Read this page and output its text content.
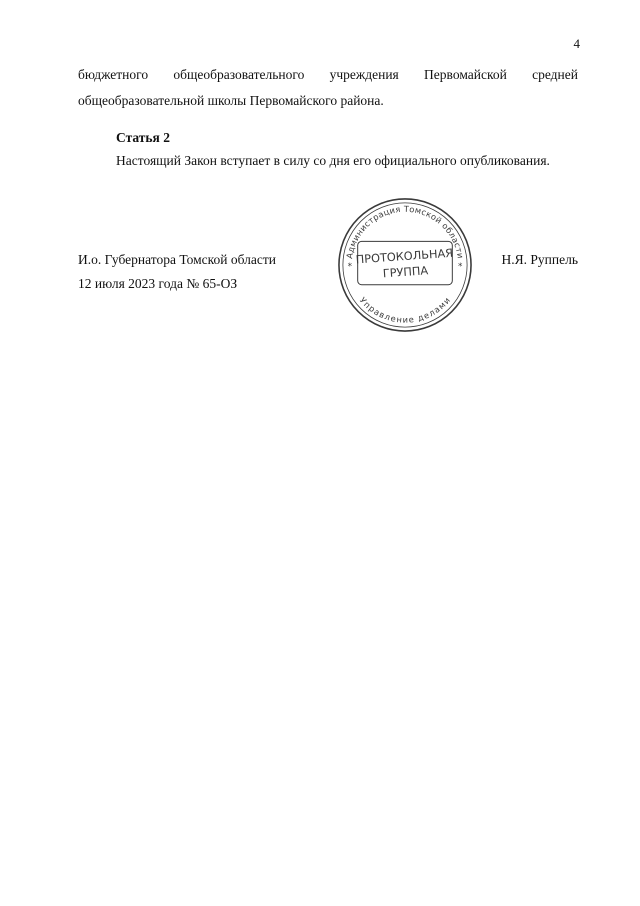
4
бюджетного общеобразовательного учреждения Первомайской средней
общеобразовательной школы Первомайского района.
Статья 2
Настоящий Закон вступает в силу со дня его официального опубликования.
И.о. Губернатора Томской области	Н.Я. Руппель
12 июля 2023 года № 65-ОЗ
Администрация Томской области
Управление делами
ПРОТОКОЛЬНАЯ
ГРУППА
*	*
